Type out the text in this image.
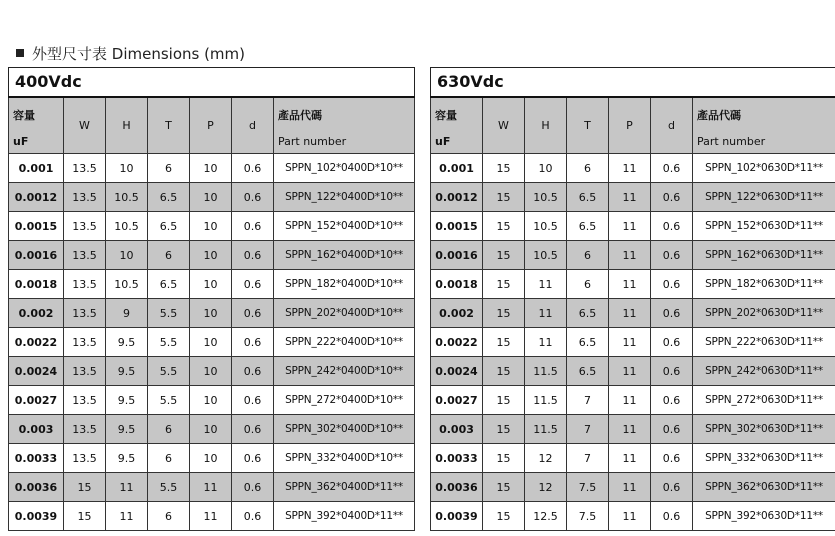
外型尺寸表 Dimensions (mm)
400Vdc
容量
uF	W	H	T	P	d	產品代碼
Part number

0.001	13.5	10	6	10	0.6	SPPN_102*0400D*10**
0.0012	13.5	10.5	6.5	10	0.6	SPPN_122*0400D*10**
0.0015	13.5	10.5	6.5	10	0.6	SPPN_152*0400D*10**
0.0016	13.5	10	6	10	0.6	SPPN_162*0400D*10**
0.0018	13.5	10.5	6.5	10	0.6	SPPN_182*0400D*10**
0.002	13.5	9	5.5	10	0.6	SPPN_202*0400D*10**
0.0022	13.5	9.5	5.5	10	0.6	SPPN_222*0400D*10**
0.0024	13.5	9.5	5.5	10	0.6	SPPN_242*0400D*10**
0.0027	13.5	9.5	5.5	10	0.6	SPPN_272*0400D*10**
0.003	13.5	9.5	6	10	0.6	SPPN_302*0400D*10**
0.0033	13.5	9.5	6	10	0.6	SPPN_332*0400D*10**
0.0036	15	11	5.5	11	0.6	SPPN_362*0400D*11**
0.0039	15	11	6	11	0.6	SPPN_392*0400D*11**
630Vdc
容量
uF	W	H	T	P	d	產品代碼
Part number

0.001	15	10	6	11	0.6	SPPN_102*0630D*11**
0.0012	15	10.5	6.5	11	0.6	SPPN_122*0630D*11**
0.0015	15	10.5	6.5	11	0.6	SPPN_152*0630D*11**
0.0016	15	10.5	6	11	0.6	SPPN_162*0630D*11**
0.0018	15	11	6	11	0.6	SPPN_182*0630D*11**
0.002	15	11	6.5	11	0.6	SPPN_202*0630D*11**
0.0022	15	11	6.5	11	0.6	SPPN_222*0630D*11**
0.0024	15	11.5	6.5	11	0.6	SPPN_242*0630D*11**
0.0027	15	11.5	7	11	0.6	SPPN_272*0630D*11**
0.003	15	11.5	7	11	0.6	SPPN_302*0630D*11**
0.0033	15	12	7	11	0.6	SPPN_332*0630D*11**
0.0036	15	12	7.5	11	0.6	SPPN_362*0630D*11**
0.0039	15	12.5	7.5	11	0.6	SPPN_392*0630D*11**
